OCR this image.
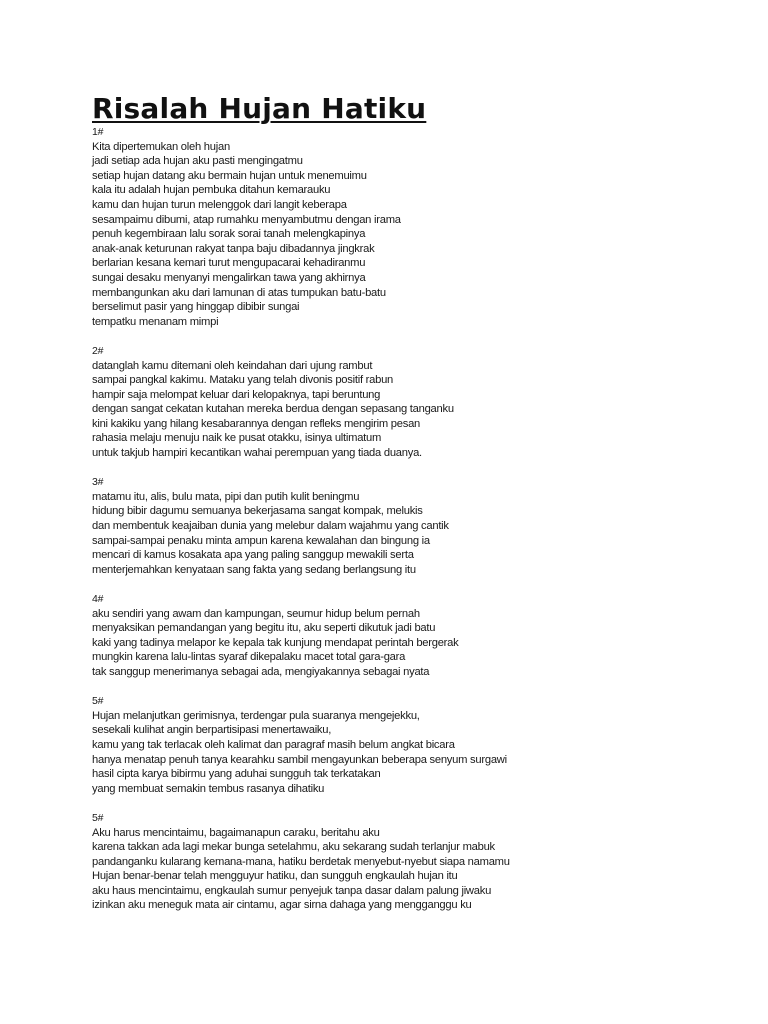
Risalah Hujan Hatiku
1#
Kita dipertemukan oleh hujan
jadi setiap ada hujan aku pasti mengingatmu
setiap hujan datang aku bermain hujan untuk menemuimu
kala itu adalah hujan pembuka ditahun kemarauku
kamu dan hujan turun melenggok dari langit keberapa
sesampaimu dibumi, atap rumahku menyambutmu dengan irama
penuh kegembiraan lalu sorak sorai tanah melengkapinya
anak-anak keturunan rakyat tanpa baju dibadannya jingkrak
berlarian kesana kemari turut mengupacarai kehadiranmu
sungai desaku menyanyi mengalirkan tawa yang akhirnya
membangunkan aku dari lamunan di atas tumpukan batu-batu
berselimut pasir yang hinggap dibibir sungai
tempatku menanam mimpi
2#
datanglah kamu ditemani oleh keindahan dari ujung rambut
sampai pangkal kakimu. Mataku yang telah divonis positif rabun
hampir saja melompat keluar dari kelopaknya, tapi beruntung
dengan sangat cekatan kutahan mereka berdua dengan sepasang tanganku
kini kakiku yang hilang kesabarannya dengan refleks mengirim pesan
rahasia melaju menuju naik ke pusat otakku, isinya ultimatum
untuk takjub hampiri kecantikan wahai perempuan yang tiada duanya.
3#
matamu itu, alis, bulu mata, pipi dan putih kulit beningmu
hidung bibir dagumu semuanya bekerjasama sangat kompak, melukis
dan membentuk keajaiban dunia yang melebur dalam wajahmu yang cantik
sampai-sampai penaku minta ampun karena kewalahan dan bingung ia
mencari di kamus kosakata apa yang paling sanggup mewakili serta
menterjemahkan kenyataan sang fakta yang sedang berlangsung itu
4#
aku sendiri yang awam dan kampungan, seumur hidup belum pernah
menyaksikan pemandangan yang begitu itu, aku seperti dikutuk jadi batu
kaki yang tadinya melapor ke kepala tak kunjung mendapat perintah bergerak
mungkin karena lalu-lintas syaraf dikepalaku macet total gara-gara
tak sanggup menerimanya sebagai ada, mengiyakannya sebagai nyata
5#
Hujan melanjutkan gerimisnya, terdengar pula suaranya mengejekku,
sesekali kulihat angin berpartisipasi menertawaiku,
kamu yang tak terlacak oleh kalimat dan paragraf masih belum angkat bicara
hanya menatap penuh tanya kearahku sambil mengayunkan beberapa senyum surgawi
hasil cipta karya bibirmu yang aduhai sungguh tak terkatakan
yang membuat semakin tembus rasanya dihatiku
5#
Aku harus mencintaimu, bagaimanapun caraku, beritahu aku
karena takkan ada lagi mekar bunga setelahmu, aku sekarang sudah terlanjur mabuk
pandanganku kularang kemana-mana, hatiku berdetak menyebut-nyebut siapa namamu
Hujan benar-benar telah mengguyur hatiku, dan sungguh engkaulah hujan itu
aku haus mencintaimu, engkaulah sumur penyejuk tanpa dasar dalam palung jiwaku
izinkan aku meneguk mata air cintamu, agar sirna dahaga yang mengganggu ku
